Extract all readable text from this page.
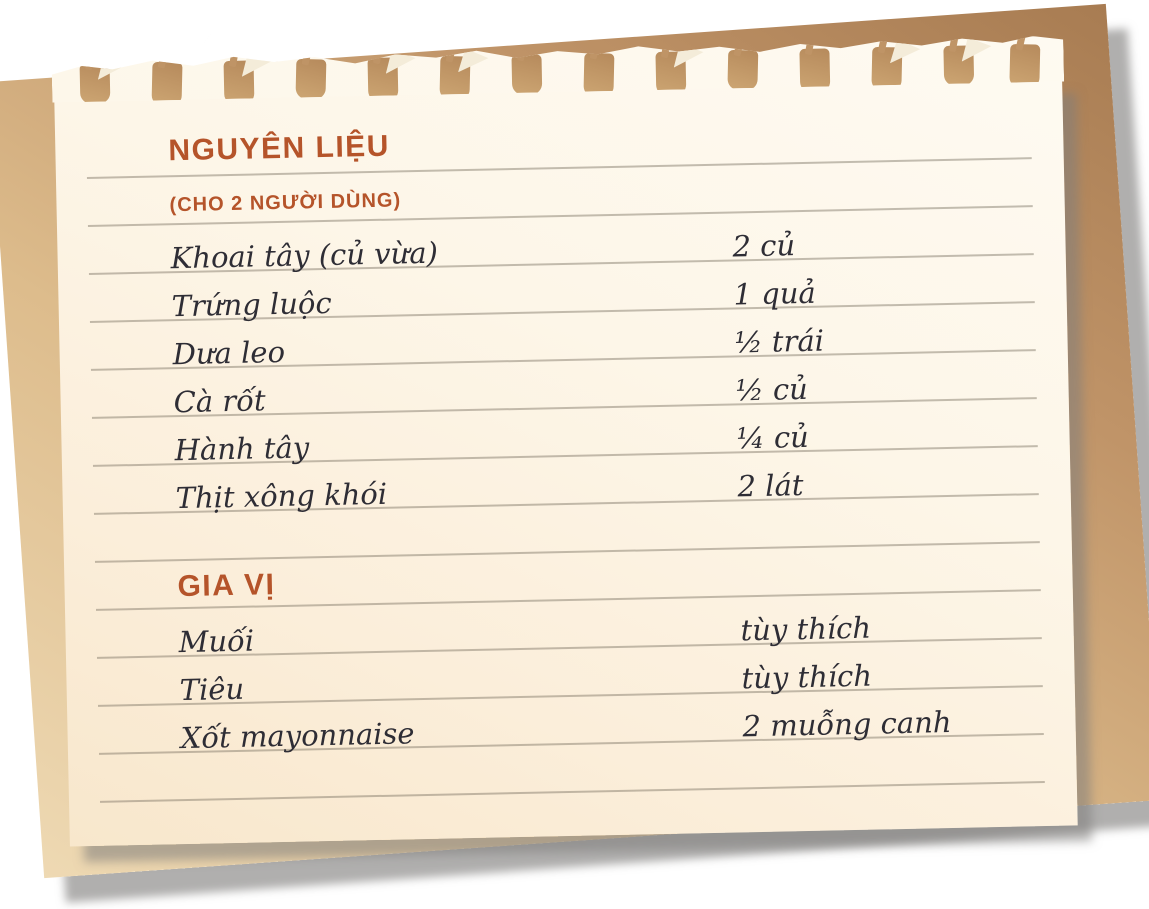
NGUYÊN LIỆU
(CHO 2 NGƯỜI DÙNG)
Khoai tây (củ vừa)	2 củ
Trứng luộc	1 quả
Dưa leo	½ trái
Cà rốt	½ củ
Hành tây	¼ củ
Thịt xông khói	2 lát
GIA VỊ
Muối	tùy thích
Tiêu	tùy thích
Xốt mayonnaise	2 muỗng canh
